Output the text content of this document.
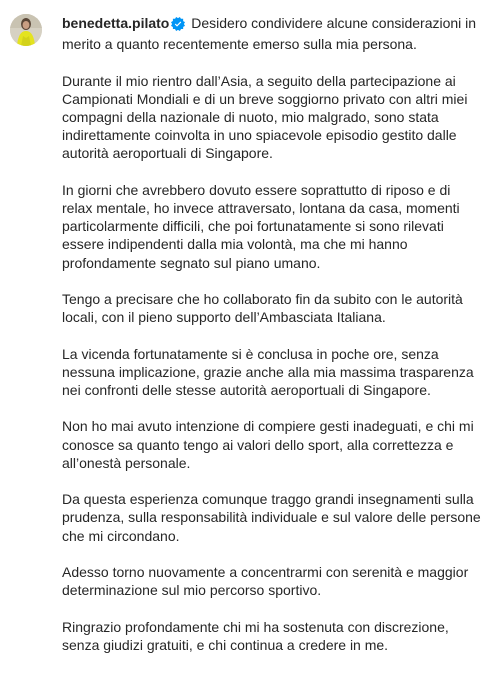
benedetta.pilato Desidero condividere alcune considerazioni in merito a quanto recentemente emerso sulla mia persona.

Durante il mio rientro dall’Asia, a seguito della partecipazione ai Campionati Mondiali e di un breve soggiorno privato con altri miei compagni della nazionale di nuoto, mio malgrado, sono stata indirettamente coinvolta in uno spiacevole episodio gestito dalle autorità aeroportuali di Singapore.

In giorni che avrebbero dovuto essere soprattutto di riposo e di relax mentale, ho invece attraversato, lontana da casa, momenti particolarmente difficili, che poi fortunatamente si sono rilevati essere indipendenti dalla mia volontà, ma che mi hanno profondamente segnato sul piano umano.

Tengo a precisare che ho collaborato fin da subito con le autorità locali, con il pieno supporto dell’Ambasciata Italiana.

La vicenda fortunatamente si è conclusa in poche ore, senza nessuna implicazione, grazie anche alla mia massima trasparenza nei confronti delle stesse autorità aeroportuali di Singapore.

Non ho mai avuto intenzione di compiere gesti inadeguati, e chi mi conosce sa quanto tengo ai valori dello sport, alla correttezza e all’onestà personale.

Da questa esperienza comunque traggo grandi insegnamenti sulla prudenza, sulla responsabilità individuale e sul valore delle persone che mi circondano.

Adesso torno nuovamente a concentrarmi con serenità e maggior determinazione sul mio percorso sportivo.

Ringrazio profondamente chi mi ha sostenuta con discrezione, senza giudizi gratuiti, e chi continua a credere in me.
